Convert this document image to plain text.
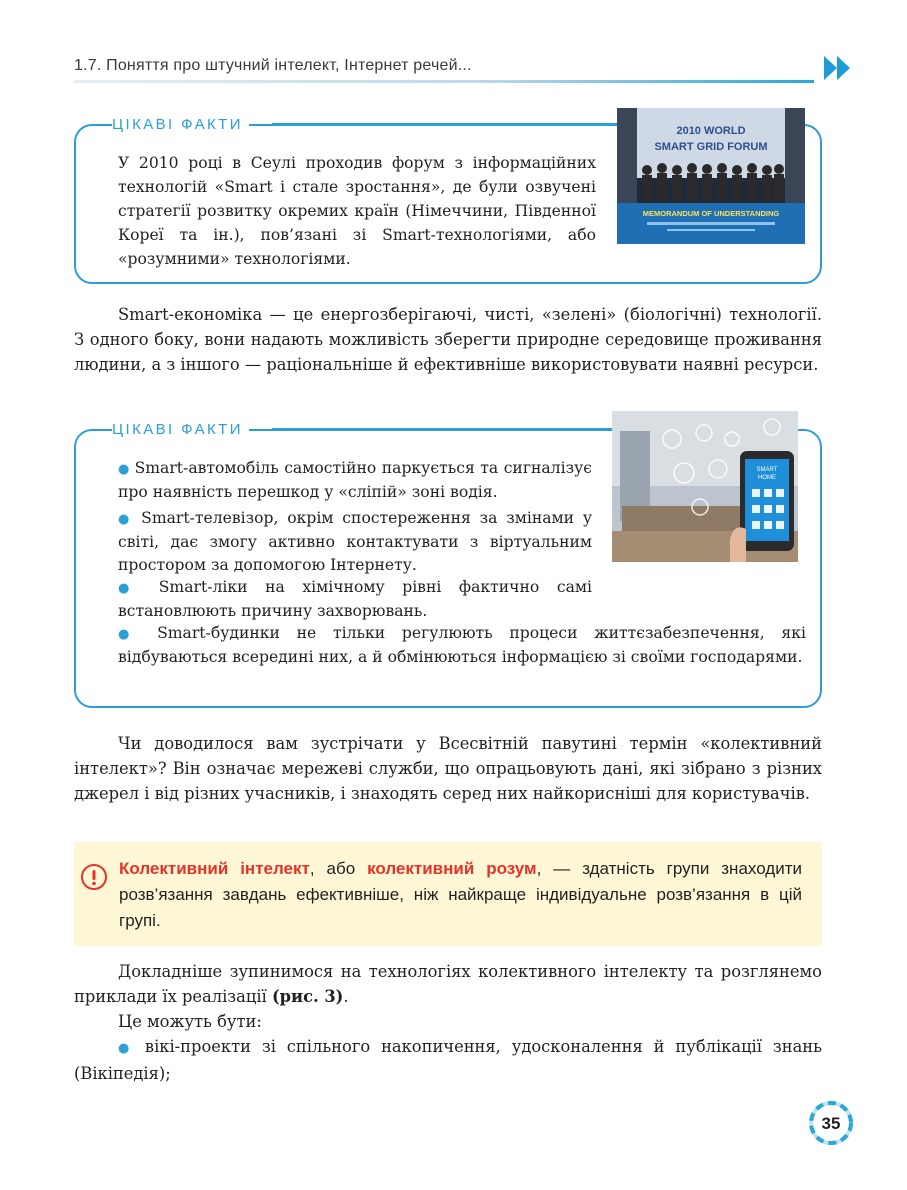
1.7. Поняття про штучний інтелект, Інтернет речей...
ЦІКАВІ ФАКТИ
У 2010 році в Сеулі проходив форум з інформаційних технологій «Smart і стале зростання», де були озвучені стратегії розвитку окремих країн (Німеччини, Південної Кореї та ін.), пов’язані зі Smart-технологіями, або «розумними» технологіями.
2010 WORLD
SMART GRID FORUM
MEMORANDUM OF UNDERSTANDING
Smart-економіка — це енергозберігаючі, чисті, «зелені» (біологічні) технології. З одного боку, вони надають можливість зберегти природне середовище проживання людини, а з іншого — раціональніше й ефективніше використовувати наявні ресурси.
ЦІКАВІ ФАКТИ
● Smart-автомобіль самостійно паркується та сигналізує про наявність перешкод у «сліпій» зоні водія.
● Smart-телевізор, окрім спостереження за змінами у світі, дає змогу активно контактувати з віртуальним простором за допомогою Інтернету.
● Smart-ліки на хімічному рівні фактично самі встановлюють причину захворювань.
● Smart-будинки не тільки регулюють процеси життєзабезпечення, які відбуваються всередині них, а й обмінюються інформацією зі своїми господарями.
SMART
HOME
Чи доводилося вам зустрічати у Всесвітній павутині термін «колективний інтелект»? Він означає мережеві служби, що опрацьовують дані, які зібрано з різних джерел і від різних учасників, і знаходять серед них найкорисніші для користувачів.
Колективний інтелект, або колективний розум, — здатність групи знаходити розв’язання завдань ефективніше, ніж найкраще індивідуальне розв’язання в цій групі.
Докладніше зупинимося на технологіях колективного інтелекту та розглянемо приклади їх реалізації (рис. 3).
Це можуть бути:
● вікі-проекти зі спільного накопичення, удосконалення й публікації знань (Вікіпедія);
35
